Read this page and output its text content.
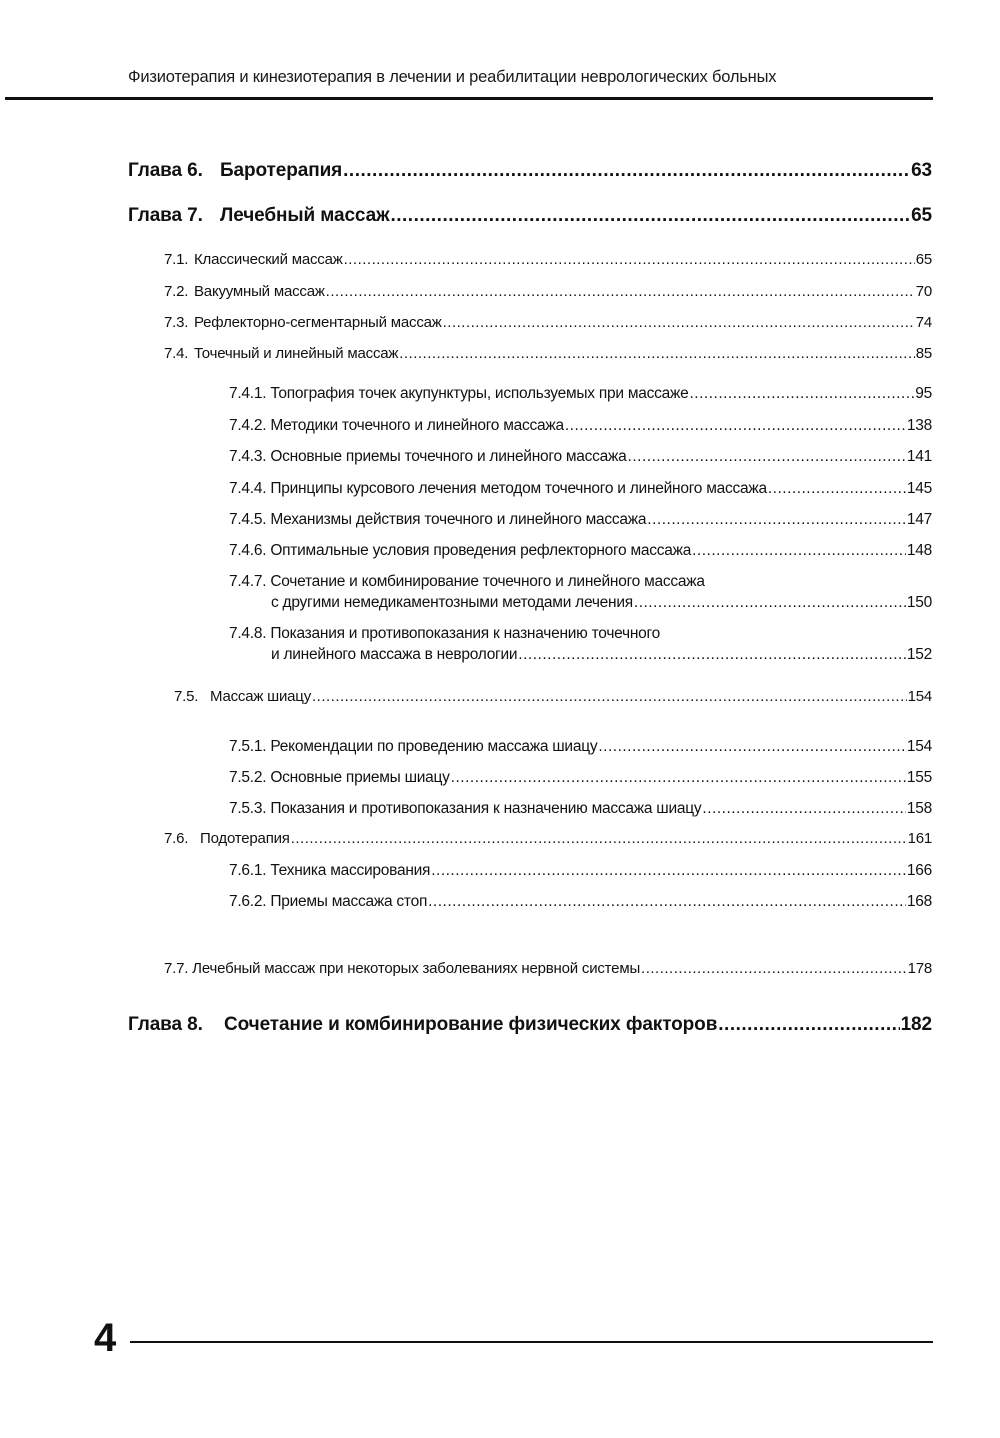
Физиотерапия и кинезиотерапия в лечении и реабилитации неврологических больных
Глава 6. Баротерапия .....	63
Глава 7. Лечебный массаж .....	65
7.1. Классический массаж .....	65
7.2. Вакуумный массаж .....	70
7.3. Рефлекторно-сегментарный массаж .....	74
7.4. Точечный и линейный массаж .....	85
7.4.1. Топография точек акупунктуры, используемых при массаже .....	95
7.4.2. Методики точечного и линейного массажа .....	138
7.4.3. Основные приемы точечного и линейного массажа .....	141
7.4.4. Принципы курсового лечения методом точечного и линейного массажа .....	145
7.4.5. Механизмы действия точечного и линейного массажа .....	147
7.4.6. Оптимальные условия проведения рефлекторного массажа .....	148
7.4.7. Сочетание и комбинирование точечного и линейного массажа
с другими немедикаментозными методами лечения .....	150
7.4.8. Показания и противопоказания к назначению точечного
и линейного массажа в неврологии .....	152
7.5. Массаж шиацу .....	154
7.5.1. Рекомендации по проведению массажа шиацу .....	154
7.5.2. Основные приемы шиацу .....	155
7.5.3. Показания и противопоказания к назначению массажа шиацу .....	158
7.6. Подотерапия .....	161
7.6.1. Техника массирования .....	166
7.6.2. Приемы массажа стоп .....	168
7.7. Лечебный массаж при некоторых заболеваниях нервной системы .....	178
Глава 8. Сочетание и комбинирование физических факторов .....	182
4
